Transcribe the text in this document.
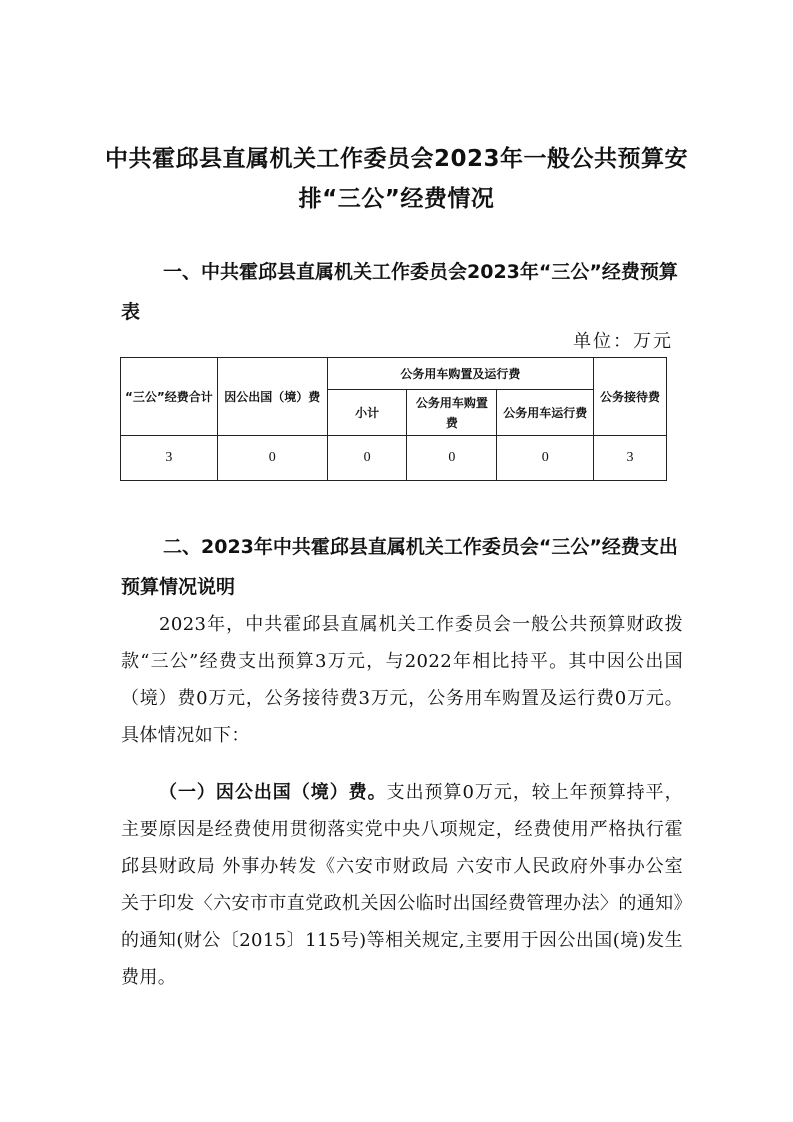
中共霍邱县直属机关工作委员会2023年一般公共预算安排“三公”经费情况
一、中共霍邱县直属机关工作委员会2023年“三公”经费预算表
单位：万元
“三公”经费合计	因公出国（境）费	公务用车购置及运行费			公务接待费
		小计	公务用车购置费	公务用车运行费	
3	0	0	0	0	3
二、2023年中共霍邱县直属机关工作委员会“三公”经费支出预算情况说明
2023年，中共霍邱县直属机关工作委员会一般公共预算财政拨款“三公”经费支出预算3万元，与2022年相比持平。其中因公出国（境）费0万元，公务接待费3万元，公务用车购置及运行费0万元。具体情况如下：
（一）因公出国（境）费。支出预算0万元，较上年预算持平，主要原因是经费使用贯彻落实党中央八项规定，经费使用严格执行霍邱县财政局 外事办转发《六安市财政局 六安市人民政府外事办公室关于印发〈六安市市直党政机关因公临时出国经费管理办法〉的通知》的通知(财公〔2015〕115号)等相关规定,主要用于因公出国(境)发生费用。
